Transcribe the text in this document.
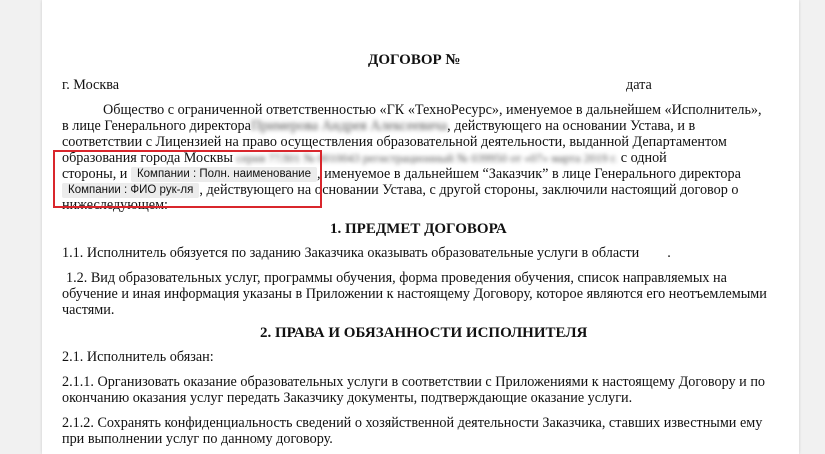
ДОГОВОР №
г. Москва	дата
Общество с ограниченной ответственностью «ГК «ТехноРесурс», именуемое в дальнейшем «Исполнитель»,
в лице Генерального директораПримерова Андрея Алексеевича, действующего на основании Устава, и в
соответствии с Лицензией на право осуществления образовательной деятельности, выданной Департаментом
образования города Москвы серия 77Л01 № 0010043 регистрационный № 039950 от «07» марта 2019 г. с одной
стороны, и Компании : Полн. наименование , именуемое в дальнейшем “Заказчик” в лице Генерального директора
Компании : ФИО рук-ля , действующего на основании Устава, с другой стороны, заключили настоящий договор о
нижеследующем:
1. ПРЕДМЕТ ДОГОВОРА
1.1. Исполнитель обязуется по заданию Заказчика оказывать образовательные услуги в области .
1.2. Вид образовательных услуг, программы обучения, форма проведения обучения, список направляемых на
обучение и иная информация указаны в Приложении к настоящему Договору, которое являются его неотъемлемыми
частями.
2. ПРАВА И ОБЯЗАННОСТИ ИСПОЛНИТЕЛЯ
2.1. Исполнитель обязан:
2.1.1. Организовать оказание образовательных услуги в соответствии с Приложениями к настоящему Договору и по
окончанию оказания услуг передать Заказчику документы, подтверждающие оказание услуги.
2.1.2. Сохранять конфиденциальность сведений о хозяйственной деятельности Заказчика, ставших известными ему
при выполнении услуг по данному договору.
